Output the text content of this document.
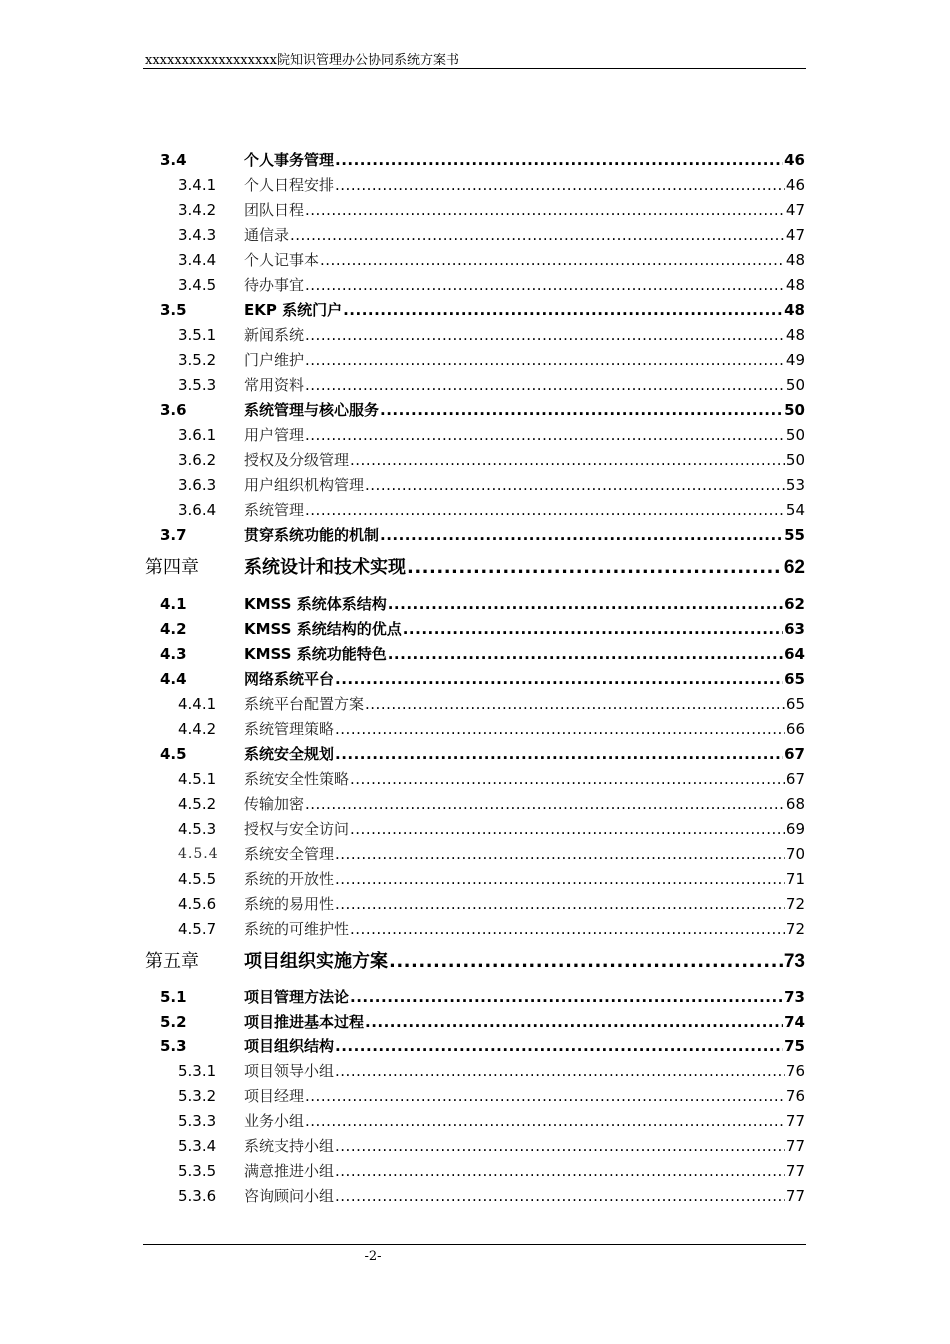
xxxxxxxxxxxxxxxxxx院知识管理办公协同系统方案书
3.4	个人事务管理 .....	46
3.4.1 个人日程安排 .....	46
3.4.2 团队日程 .....	47
3.4.3 通信录 .....	47
3.4.4 个人记事本 .....	48
3.4.5 待办事宜 .....	48
3.5	EKP 系统门户 .....	48
3.5.1 新闻系统 .....	48
3.5.2 门户维护 .....	49
3.5.3 常用资料 .....	50
3.6	系统管理与核心服务 .....	50
3.6.1 用户管理 .....	50
3.6.2 授权及分级管理 .....	50
3.6.3 用户组织机构管理 .....	53
3.6.4 系统管理 .....	54
3.7	贯穿系统功能的机制 .....	55
第四章	系统设计和技术实现 .....	62
4.1	KMSS 系统体系结构 .....	62
4.2	KMSS 系统结构的优点 .....	63
4.3	KMSS 系统功能特色 .....	64
4.4	网络系统平台 .....	65
4.4.1 系统平台配置方案 .....	65
4.4.2 系统管理策略 .....	66
4.5	系统安全规划 .....	67
4.5.1 系统安全性策略 .....	67
4.5.2 传输加密 .....	68
4.5.3 授权与安全访问 .....	69
4.5.4 系统安全管理 .....	70
4.5.5 系统的开放性 .....	71
4.5.6 系统的易用性 .....	72
4.5.7 系统的可维护性 .....	72
第五章	项目组织实施方案 .....	73
5.1	项目管理方法论 .....	73
5.2	项目推进基本过程 .....	74
5.3	项目组织结构 .....	75
5.3.1 项目领导小组 .....	76
5.3.2 项目经理 .....	76
5.3.3 业务小组 .....	77
5.3.4 系统支持小组 .....	77
5.3.5 满意推进小组 .....	77
5.3.6 咨询顾问小组 .....	77
-2-
